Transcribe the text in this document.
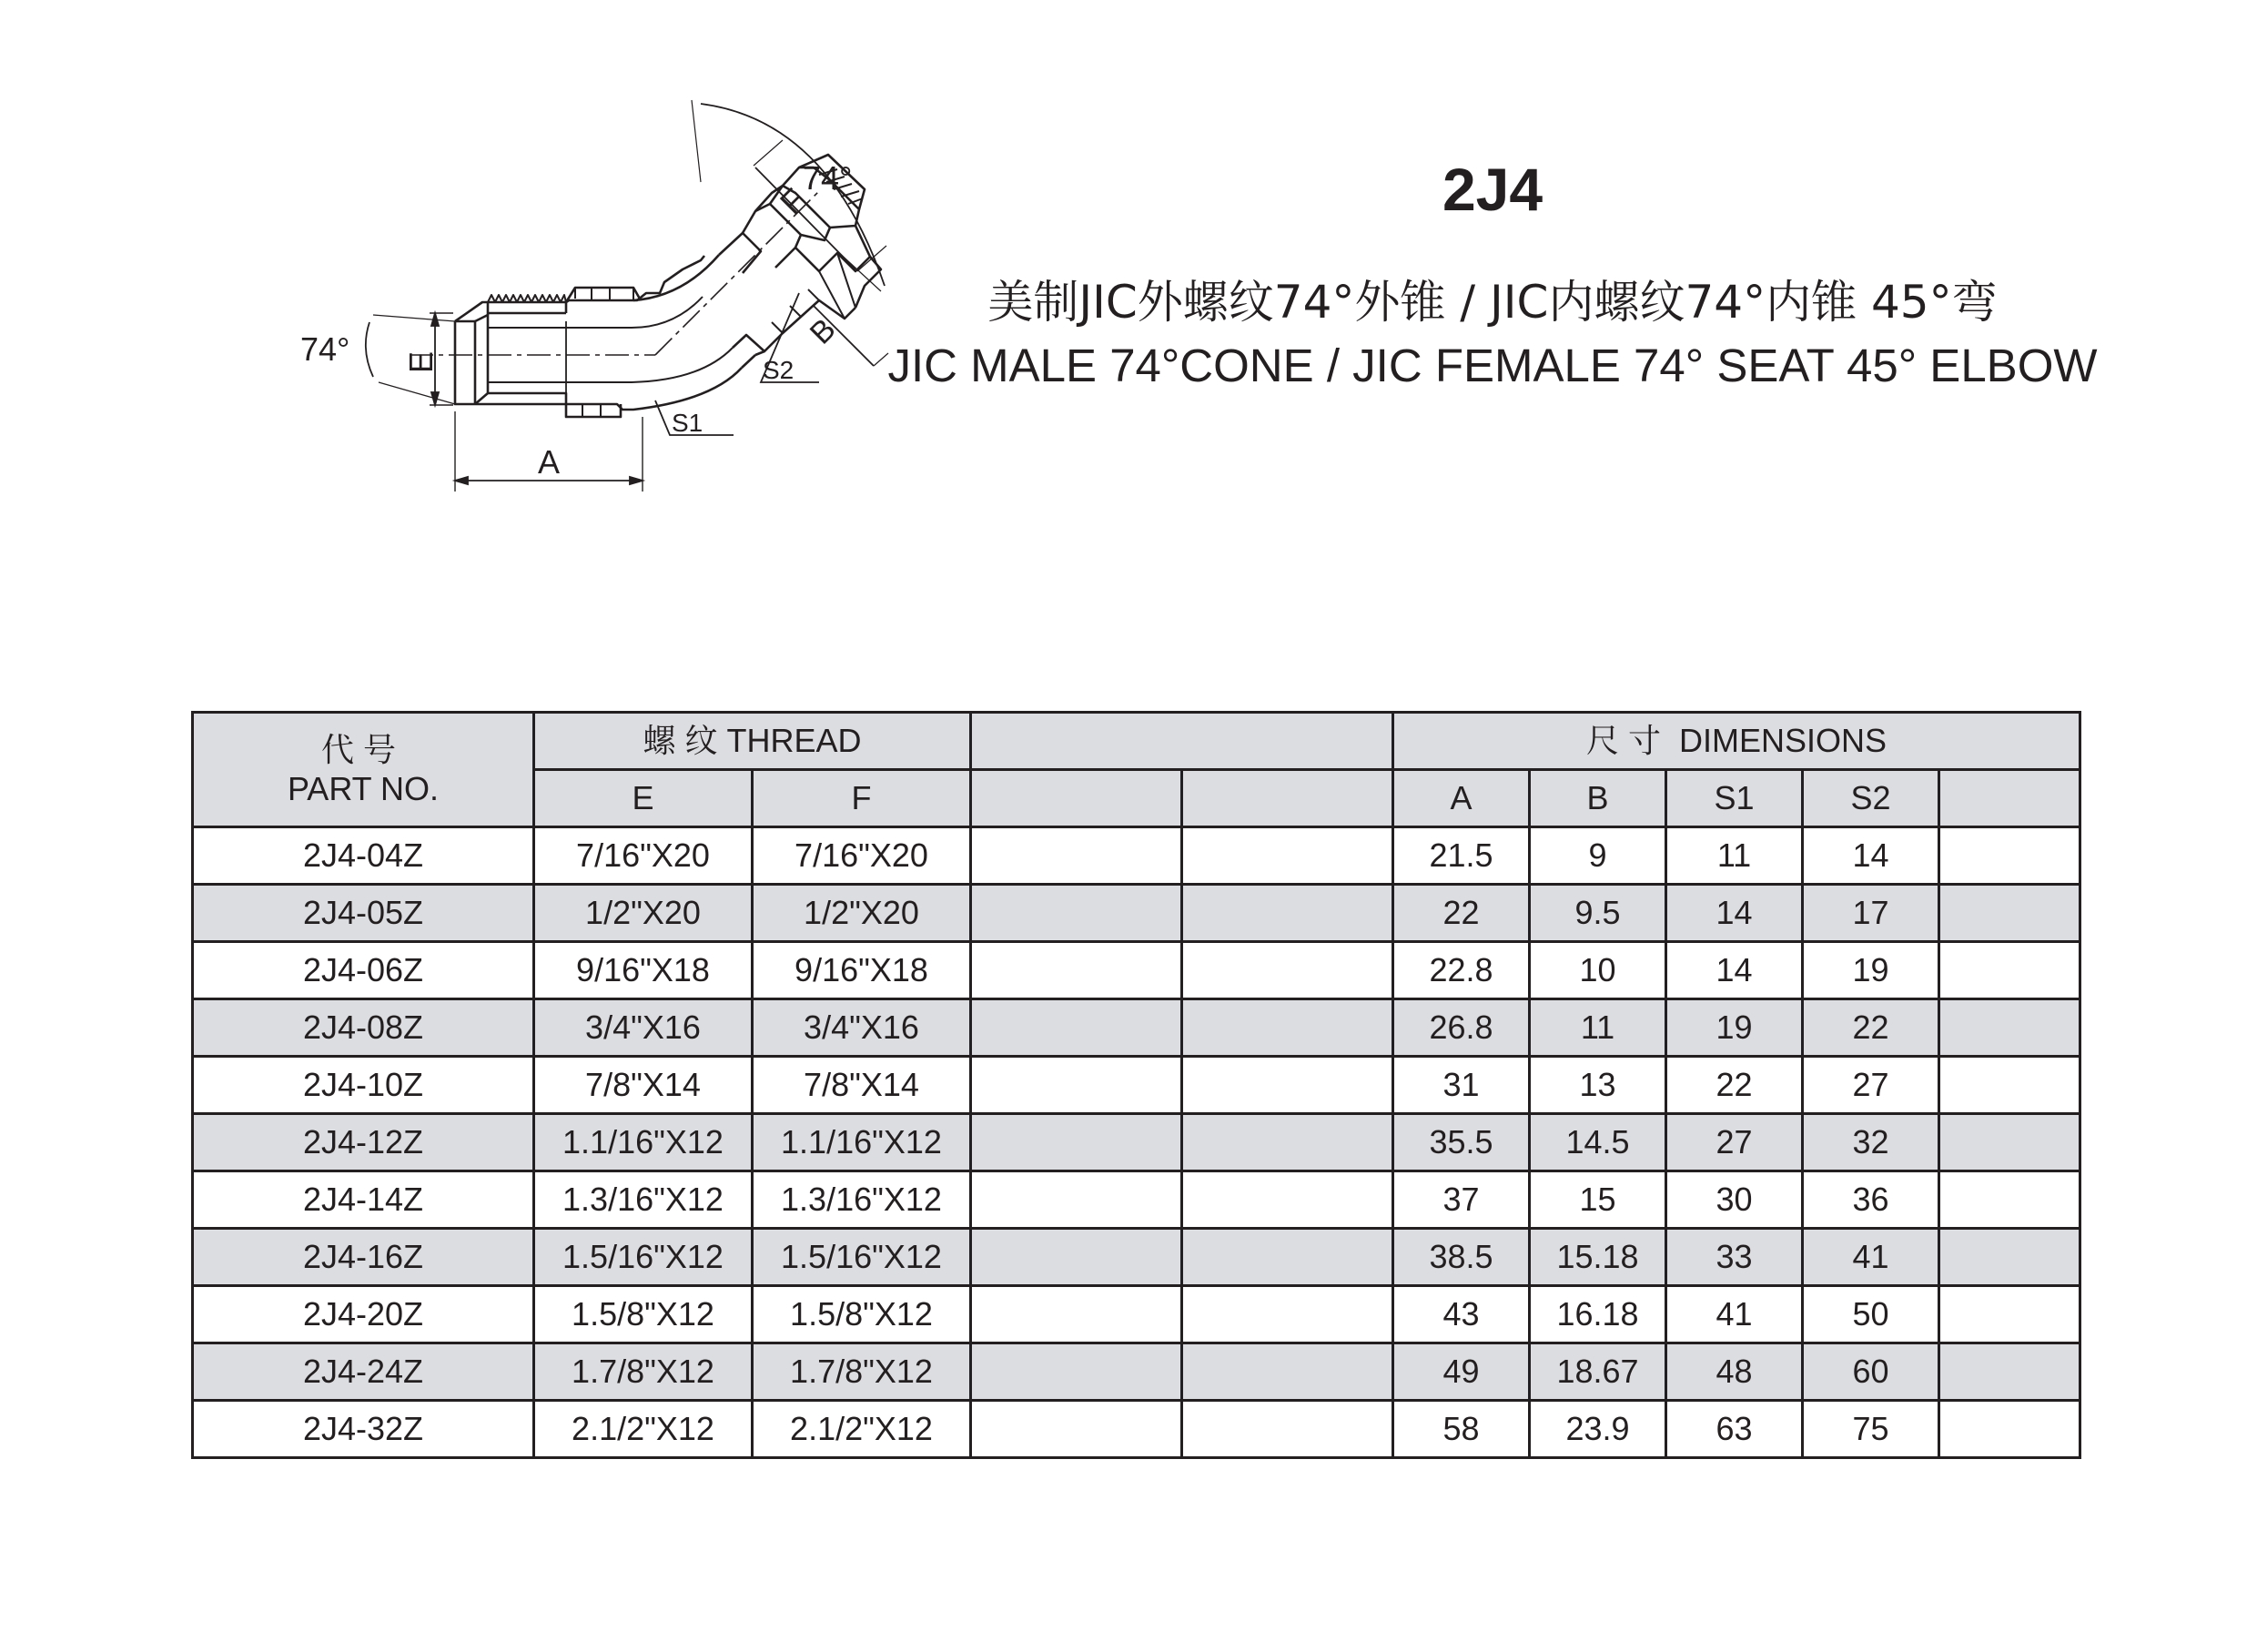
74°
74° E
F
B
A
S2
S1
2J4
美制JIC外螺纹74°外锥 / JIC内螺纹74°内锥 45°弯
JIC MALE 74°CONE / JIC FEMALE 74° SEAT 45° ELBOW
代号
PART NO.	螺纹THREAD				尺寸 DIMENSIONS				
	E	F			A	B	S1	S2	
2J4-04Z	7/16"X20	7/16"X20			21.5	9	11	14	
2J4-05Z	1/2"X20	1/2"X20			22	9.5	14	17	
2J4-06Z	9/16"X18	9/16"X18			22.8	10	14	19	
2J4-08Z	3/4"X16	3/4"X16			26.8	11	19	22	
2J4-10Z	7/8"X14	7/8"X14			31	13	22	27	
2J4-12Z	1.1/16"X12	1.1/16"X12			35.5	14.5	27	32	
2J4-14Z	1.3/16"X12	1.3/16"X12			37	15	30	36	
2J4-16Z	1.5/16"X12	1.5/16"X12			38.5	15.18	33	41	
2J4-20Z	1.5/8"X12	1.5/8"X12			43	16.18	41	50	
2J4-24Z	1.7/8"X12	1.7/8"X12			49	18.67	48	60	
2J4-32Z	2.1/2"X12	2.1/2"X12			58	23.9	63	75	
